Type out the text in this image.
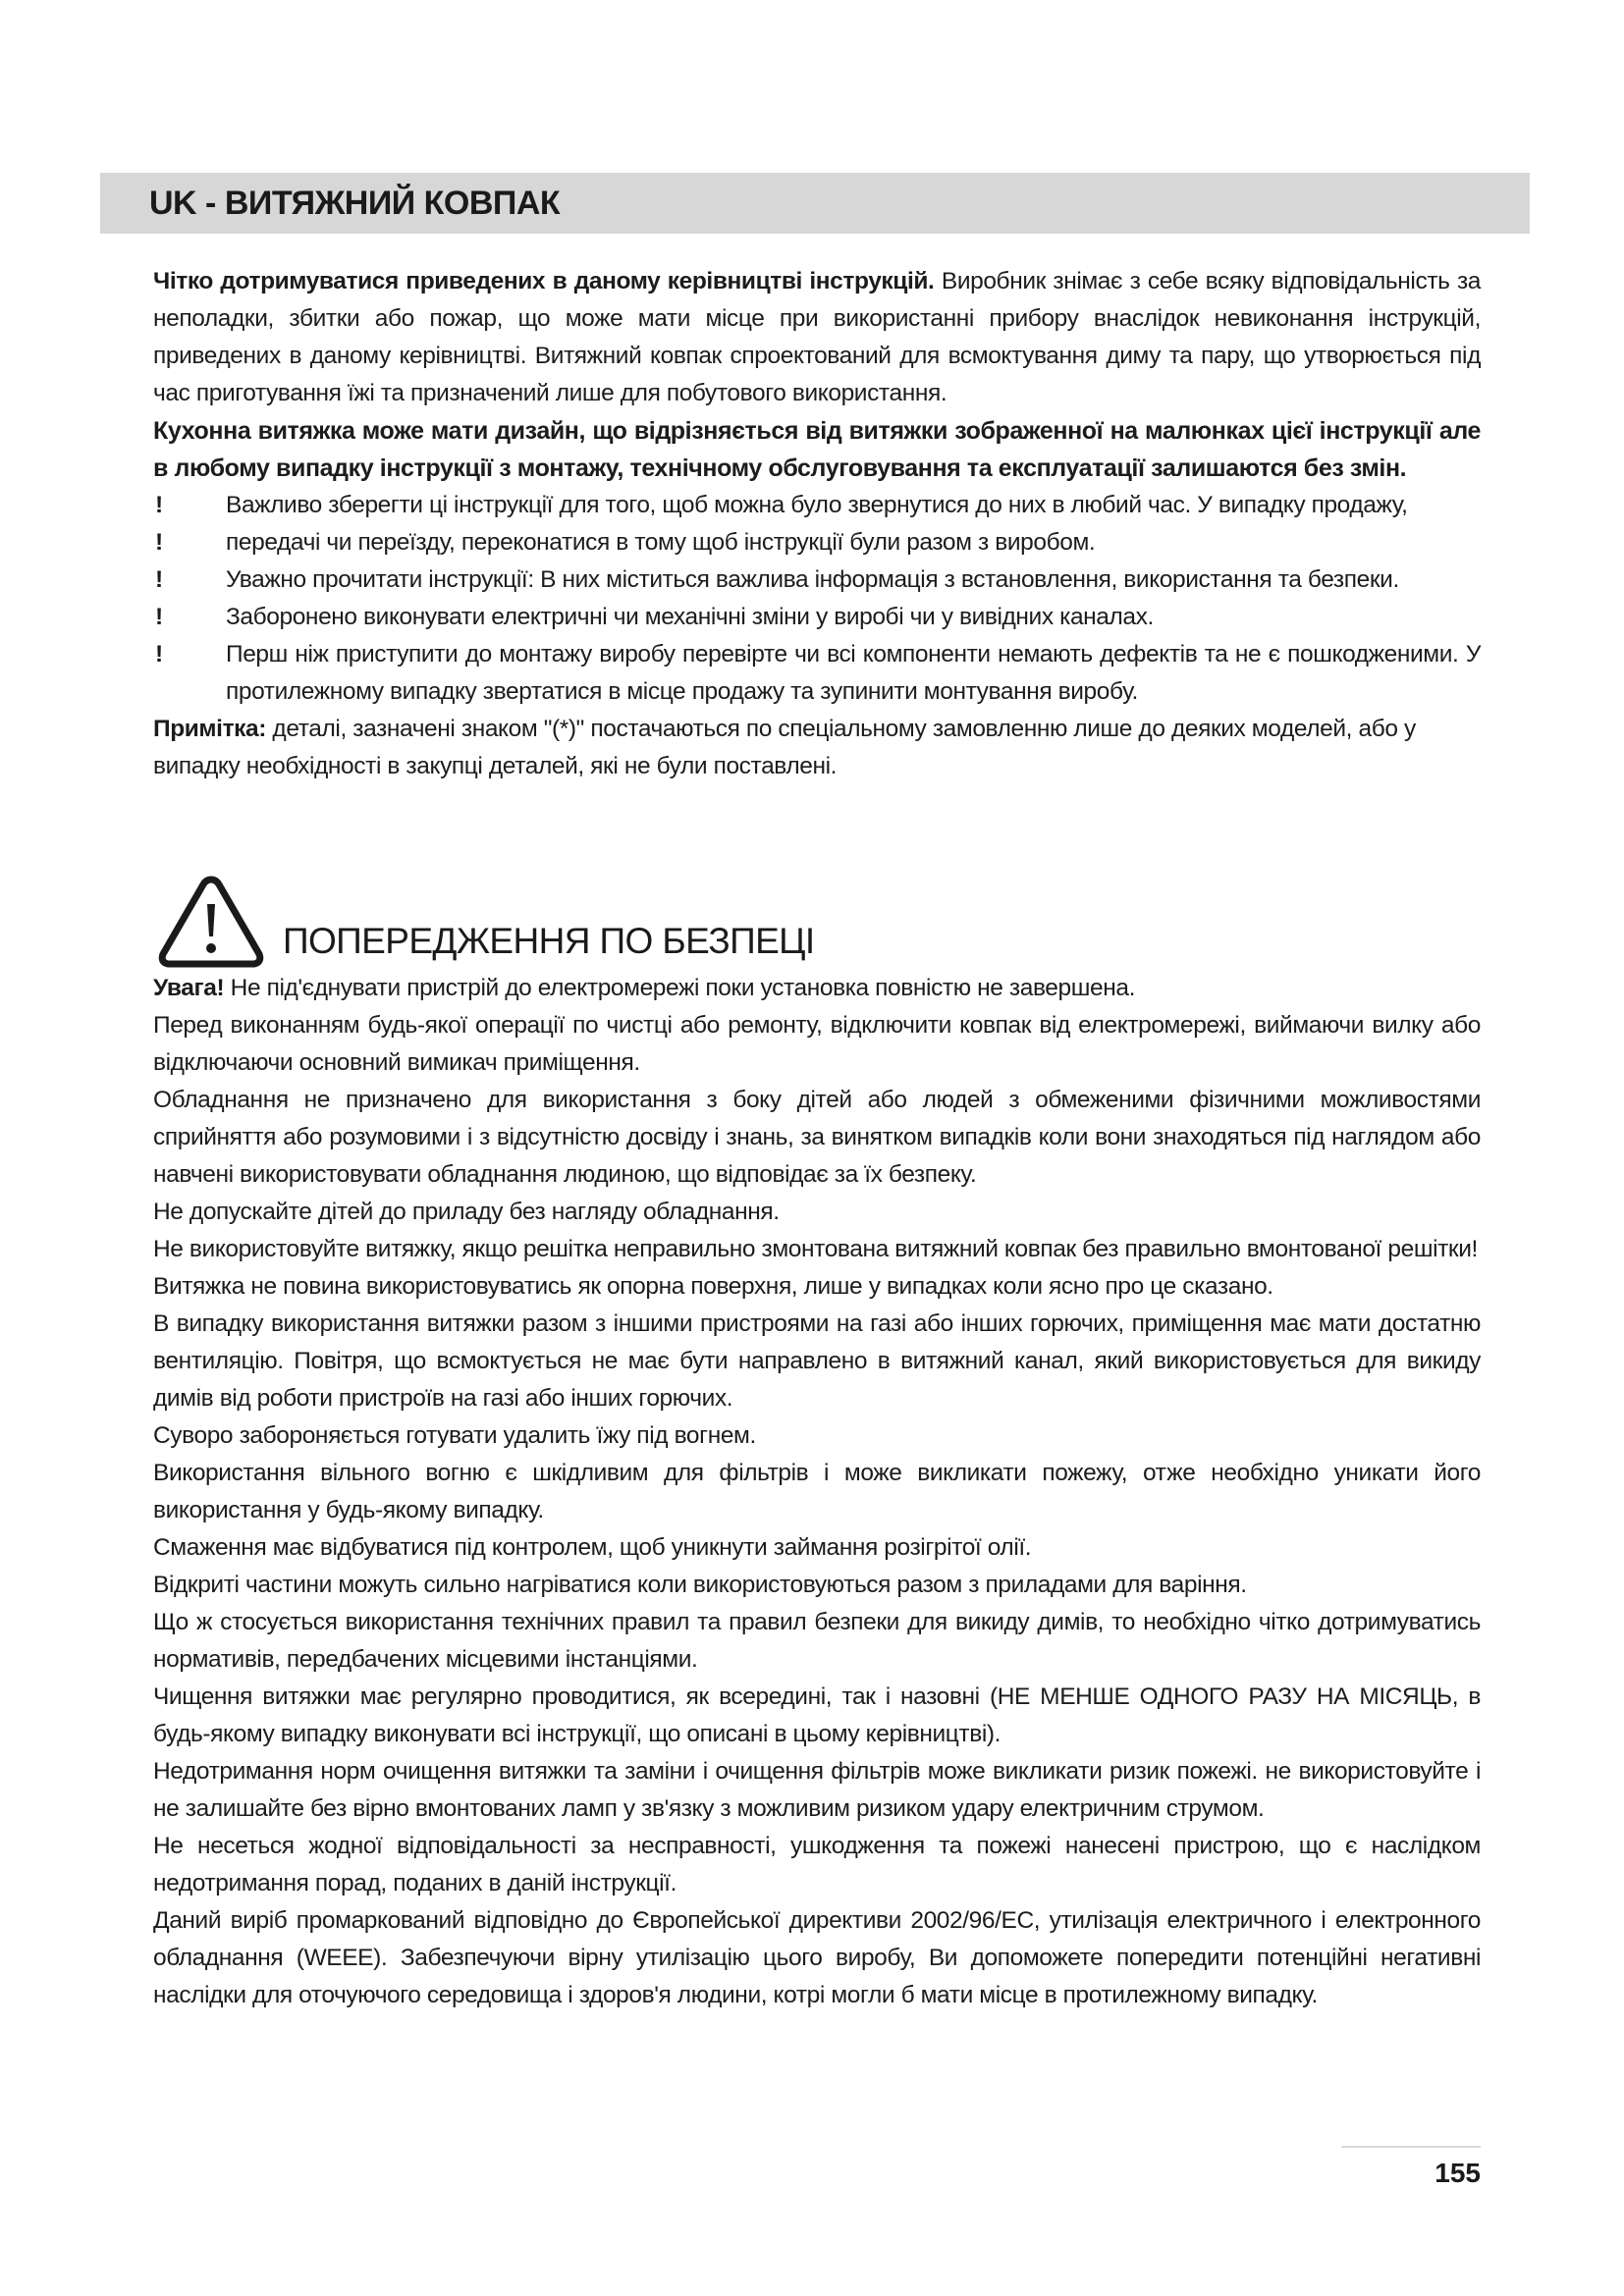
UK - ВИТЯЖНИЙ КОВПАК

Чітко дотримуватися приведених в даному керівництві інструкцій. Виробник знімає з себе всяку відповідальність за неполадки, збитки або пожар, що може мати місце при використанні прибору внаслідок невиконання інструкцій, приведених в даному керівництві. Витяжний ковпак спроектований для всмоктування диму та пару, що утворюється під час приготування їжі та призначений лише для побутового використання.

Кухонна витяжка може мати дизайн, що відрізняється від витяжки зображенної на малюнках цієї інструкції але в любому випадку інструкції з монтажу, технічному обслуговування та експлуатації залишаются без змін.

!	Важливо зберегти ці інструкції для того, щоб можна було звернутися до них в любий час. У випадку продажу,
!	передачі чи переїзду, переконатися в тому щоб інструкції були разом з виробом.
!	Уважно прочитати інструкції: В них міститься важлива інформація з встановлення, використання та безпеки.
!	Заборонено виконувати електричні чи механічні зміни у виробі чи у вивідних каналах.
!	Перш ніж приступити до монтажу виробу перевірте чи всі компоненти немають дефектів та не є пошкодженими. У протилежному випадку звертатися в місце продажу та зупинити монтування виробу.

Примітка: деталі, зазначені знаком "(*)" постачаються по спеціальному замовленню лише до деяких моделей, або у

випадку необхідності в закупці деталей, які не були поставлені.

ПОПЕРЕДЖЕННЯ ПО БЕЗПЕЦІ

Увага! Не під'єднувати пристрій до електромережі поки установка повністю не завершена.

Перед виконанням будь-якої операції по чистці або ремонту, відключити ковпак від електромережі, виймаючи вилку або відключаючи основний вимикач приміщення.

Обладнання не призначено для використання з боку дітей або людей з обмеженими фізичними можливостями сприйняття або розумовими і з відсутністю досвіду і знань, за винятком випадків коли вони знаходяться під наглядом або навчені використовувати обладнання людиною, що відповідає за їх безпеку.

Не допускайте дітей до приладу без нагляду обладнання.

Не використовуйте витяжку, якщо решітка неправильно змонтована витяжний ковпак без правильно вмонтованої решітки!

Витяжка не повина використовуватись як опорна поверхня, лише у випадках коли ясно про це сказано.

В випадку використання витяжки разом з іншими пристроями на газі або інших горючих, приміщення має мати достатню вентиляцію. Повітря, що всмоктується не має бути направлено в витяжний канал, який використовується для викиду димів від роботи пристроїв на газі або інших горючих.

Суворо забороняється готувати удалить їжу під вогнем.

Використання вільного вогню є шкідливим для фільтрів і може викликати пожежу, отже необхідно уникати його використання у будь-якому випадку.

Смаження має відбуватися під контролем, щоб уникнути займання розігрітої олії.

Відкриті частини можуть сильно нагріватися коли використовуються разом з приладами для варіння.

Що ж стосується використання технічних правил та правил безпеки для викиду димів, то необхідно чітко дотримуватись нормативів, передбачених місцевими інстанціями.

Чищення витяжки має регулярно проводитися, як всередині, так і назовні (НЕ МЕНШЕ ОДНОГО РАЗУ НА МІСЯЦЬ, в будь-якому випадку виконувати всі інструкції, що описані в цьому керівництві).

Недотримання норм очищення витяжки та заміни і очищення фільтрів може викликати ризик пожежі. не використовуйте і не залишайте без вірно вмонтованих ламп у зв'язку з можливим ризиком удару електричним струмом.

Не несеться жодної відповідальності за несправності, ушкодження та пожежі нанесені пристрою, що є наслідком недотримання порад, поданих в даній інструкції.

Даний виріб промаркований відповідно до Європейської директиви 2002/96/ЕС, утилізація електричного і електронного обладнання (WEEE). Забезпечуючи вірну утилізацію цього виробу, Ви допоможете попередити потенційні негативні наслідки для оточуючого середовища і здоров'я людини, котрі могли б мати місце в протилежному випадку.

155
